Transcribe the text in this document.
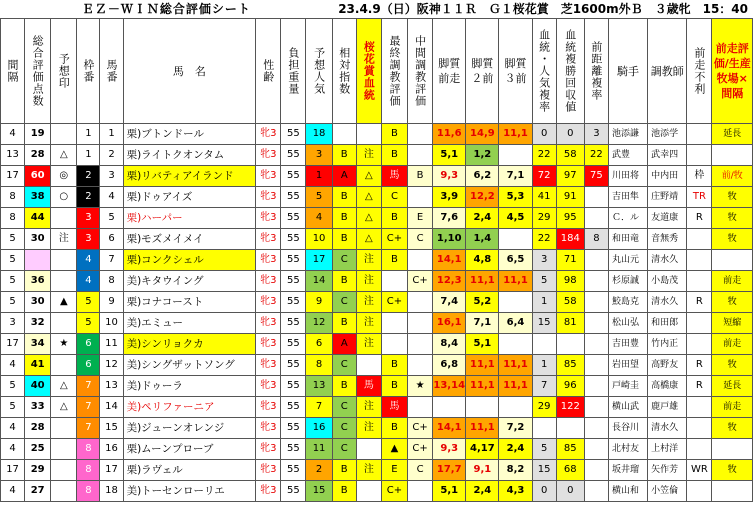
ＥＺ－ＷＩＮ総合評価シート									23.4.9（日）阪神１１Ｒ　Ｇ１桜花賞　芝1600m外Ｂ　３歳牝　15：40													

間隔	総合評価点数	予想印	枠番	馬番	馬　名	性齢	負担重量	予想人気	相対指数	桜花賞血統	最終調教評価	中間調教評価	脚質前走	脚質２前	脚質３前	血統・人気複率	血統複勝回収値	前距離複率	騎手	調教師	前走不利	前走評価/生産牧場×間隔

4	19		1	1	栗)ブトンドール	牝3	55	18			B		11,6	14,9	11,1	0	0	3	池添謙	池添学		延長
13	28	△	1	2	栗)ライトクオンタム	牝3	55	3	B	注	B		5,1	1,2		22	58	22	武豊	武幸四		
17	60	◎	2	3	栗)リバティアイランド	牝3	55	1	A	△	馬	B	9,3	6,2	7,1	72	97	75	川田将	中内田	枠	前/牧
8	38	○	2	4	栗)ドゥアイズ	牝3	55	5	B	△	C		3,9	12,2	5,3	41	91		吉田隼	庄野靖	TR	牧
8	44		3	5	栗)ハーパー	牝3	55	4	B	△	B	E	7,6	2,4	4,5	29	95		Ｃ．ル	友道康	R	牧
5	30	注	3	6	栗)モズメイメイ	牝3	55	10	B	△	C+	C	1,10	1,4		22	184	8	和田竜	音無秀		牧
5			4	7	栗)コンクシェル	牝3	55	17	C	注	B		14,1	4,8	6,5	3	71		丸山元	清水久		
5	36		4	8	美)キタウイング	牝3	55	14	B	注		C+	12,3	11,1	11,1	5	98		杉原誠	小島茂		前走
5	30	▲	5	9	栗)コナコースト	牝3	55	9	C	注	C+		7,4	5,2		1	58		鮫島克	清水久	R	牧
3	32		5	10	美)エミュー	牝3	55	12	B	注			16,1	7,1	6,4	15	81		松山弘	和田郎		短縮
17	34	★	6	11	美)シンリョクカ	牝3	55	6	A	注			8,4	5,1					吉田豊	竹内正		前走
4	41		6	12	美)シングザットソング	牝3	55	8	C		B		6,8	11,1	11,1	1	85		岩田望	高野友	R	牧
5	40	△	7	13	美)ドゥーラ	牝3	55	13	B	馬	B	★	13,14	11,1	11,1	7	96		戸崎圭	高橋康	R	延長
5	33	△	7	14	美)ペリファーニア	牝3	55	7	C	注	馬					29	122		横山武	鹿戸雄		前走
4	28		7	15	美)ジューンオレンジ	牝3	55	16	C	注	B	C+	14,1	11,1	7,2				長谷川	清水久		牧
4	25		8	16	栗)ムーンプローブ	牝3	55	11	C		▲	C+	9,3	4,17	2,4	5	85		北村友	上村洋		
17	29		8	17	栗)ラヴェル	牝3	55	2	B	注	E	C	17,7	9,1	8,2	15	68		坂井瑠	矢作芳	WR	牧
4	27		8	18	美)トーセンローリエ	牝3	55	15	B		C+		5,1	2,4	4,3	0	0		横山和	小笠倫		
